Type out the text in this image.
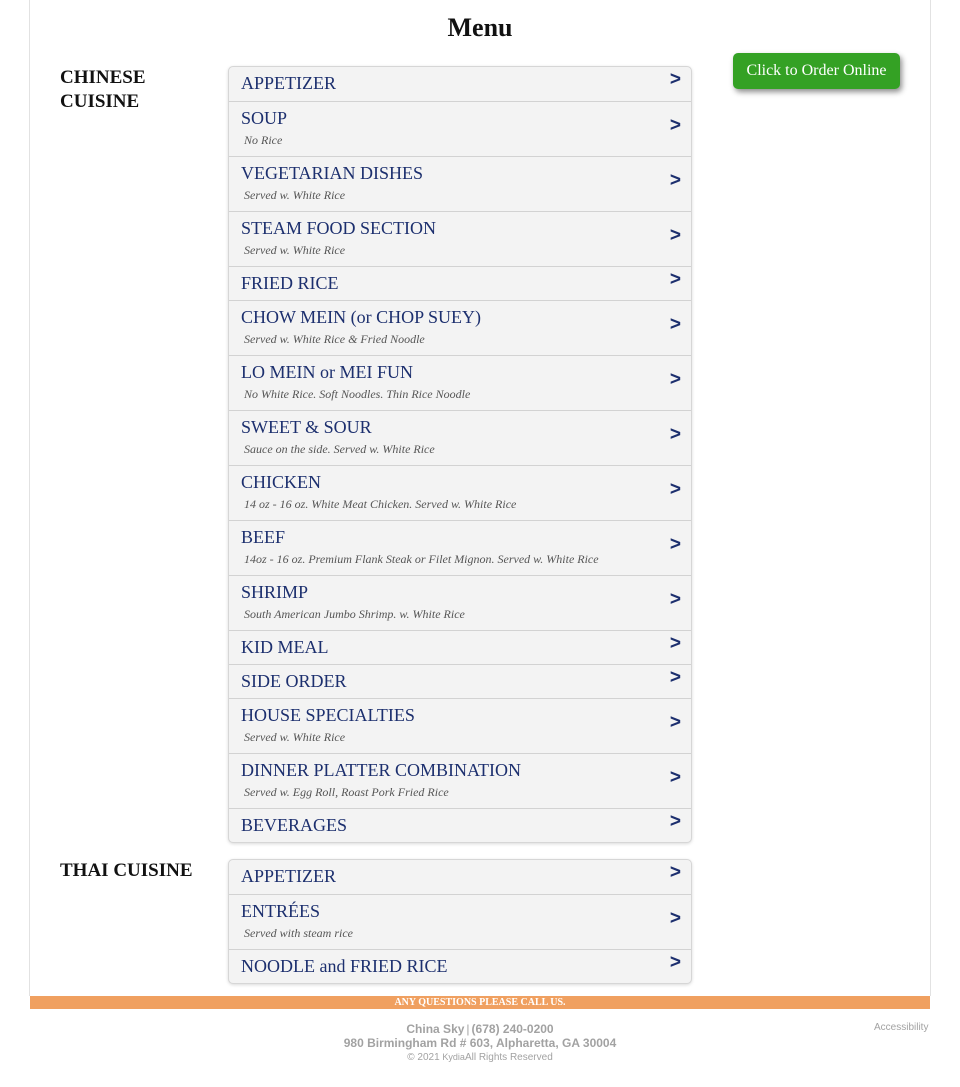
Menu
Click to Order Online
CHINESE CUISINE
APPETIZER	>
SOUP
No Rice
>
VEGETARIAN DISHES
Served w. White Rice
>
STEAM FOOD SECTION
Served w. White Rice
>
FRIED RICE	>
CHOW MEIN (or CHOP SUEY)
Served w. White Rice & Fried Noodle
>
LO MEIN or MEI FUN
No White Rice. Soft Noodles. Thin Rice Noodle
>
SWEET & SOUR
Sauce on the side. Served w. White Rice
>
CHICKEN
14 oz - 16 oz. White Meat Chicken. Served w. White Rice
>
BEEF
14oz - 16 oz. Premium Flank Steak or Filet Mignon. Served w. White Rice
>
SHRIMP
South American Jumbo Shrimp. w. White Rice
>
KID MEAL	>
SIDE ORDER	>
HOUSE SPECIALTIES
Served w. White Rice
>
DINNER PLATTER COMBINATION
Served w. Egg Roll, Roast Pork Fried Rice
>
BEVERAGES	>
THAI CUISINE	APPETIZER	>
ENTRÉES
Served with steam rice
>
NOODLE and FRIED RICE	>
ANY QUESTIONS PLEASE CALL US.
China Sky | (678) 240-0200
980 Birmingham Rd # 603, Alpharetta, GA 30004
© 2021 KydiaAll Rights Reserved
Accessibility
